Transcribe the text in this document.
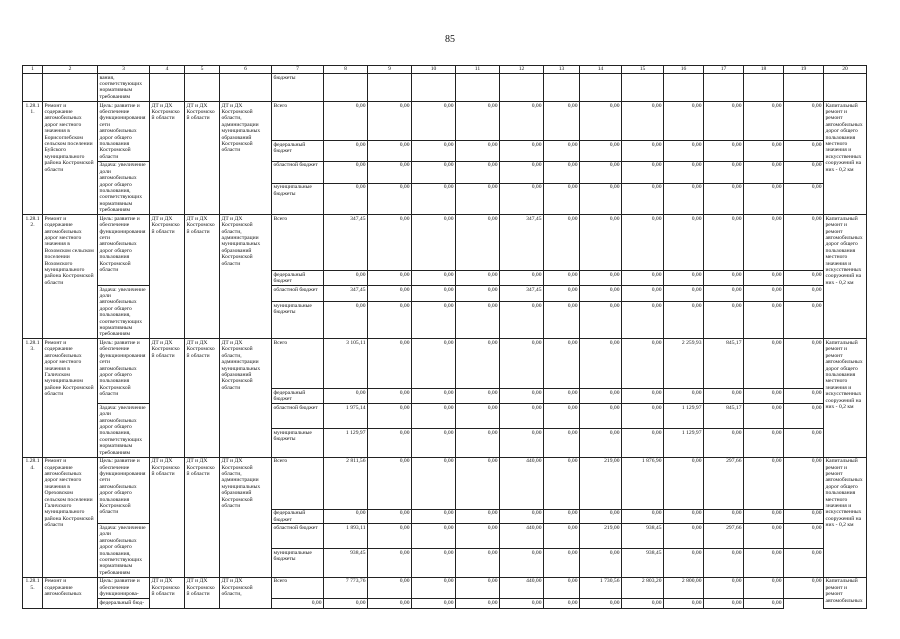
85
1	2	3	4	5	6	7	8	9	10	11	12	13	14	15	16	17	18	19	20
		вания, соответствующих нормативным требованиям				бюджеты													
1.28.11.	Ремонт и содержание автомобильных дорог местного значения в Борисоглебском сельском поселении Буйского муниципального района Костромской области	Цель: развитие и обеспечение функционирования сети автомобильных дорог общего пользования Костромской области	ДТ и ДХ Костромской области	ДТ и ДХ Костромской области	ДТ и ДХ Костромской области, администрации муниципальных образований Костромской области	Всего	0,00	0,00	0,00	0,00	0,00	0,00	0,00	0,00	0,00	0,00	0,00	0,00	Капитальный ремонт и ремонт автомобильных дорог общего пользования местного значения и искусственных сооружений на них - 0,2 км
						федеральный бюджет	0,00	0,00	0,00	0,00	0,00	0,00	0,00	0,00	0,00	0,00	0,00	0,00	
		Задача: увеличение доли автомобильных дорог общего пользования, соответствующих нормативным требованиям				областной бюджет	0,00	0,00	0,00	0,00	0,00	0,00	0,00	0,00	0,00	0,00	0,00	0,00	
						муниципальные бюджеты	0,00	0,00	0,00	0,00	0,00	0,00	0,00	0,00	0,00	0,00	0,00	0,00	
1.28.12.	Ремонт и содержание автомобильных дорог местного значения в Вохомском сельском поселении Вохомского муниципального района Костромской области	Цель: развитие и обеспечение функционирования сети автомобильных дорог общего пользования Костромской области	ДТ и ДХ Костромской области	ДТ и ДХ Костромской области	ДТ и ДХ Костромской области, администрации муниципальных образований Костромской области	Всего	347,45	0,00	0,00	0,00	347,45	0,00	0,00	0,00	0,00	0,00	0,00	0,00	Капитальный ремонт и ремонт автомобильных дорог общего пользования местного значения и искусственных сооружений на них - 0,2 км
						федеральный бюджет	0,00	0,00	0,00	0,00	0,00	0,00	0,00	0,00	0,00	0,00	0,00	0,00	
		Задача: увеличение доли автомобильных дорог общего пользования, соответствующих нормативным требованиям				областной бюджет	347,45	0,00	0,00	0,00	347,45	0,00	0,00	0,00	0,00	0,00	0,00	0,00	
						муниципальные бюджеты	0,00	0,00	0,00	0,00	0,00	0,00	0,00	0,00	0,00	0,00	0,00	0,00	
1.28.13.	Ремонт и содержание автомобильных дорог местного значения в Галичском муниципальном районе Костромской области	Цель: развитие и обеспечение функционирования сети автомобильных дорог общего пользования Костромской области	ДТ и ДХ Костромской области	ДТ и ДХ Костромской области	ДТ и ДХ Костромской области, администрации муниципальных образований Костромской области	Всего	3 105,11	0,00	0,00	0,00	0,00	0,00	0,00	0,00	2 259,93	845,17	0,00	0,00	Капитальный ремонт и ремонт автомобильных дорог общего пользования местного значения и искусственных сооружений на них - 0,2 км
						федеральный бюджет	0,00	0,00	0,00	0,00	0,00	0,00	0,00	0,00	0,00	0,00	0,00	0,00	
		Задача: увеличение доли автомобильных дорог общего пользования, соответствующих нормативным требованиям				областной бюджет	1 975,14	0,00	0,00	0,00	0,00	0,00	0,00	0,00	1 129,97	845,17	0,00	0,00	
						муниципальные бюджеты	1 129,97	0,00	0,00	0,00	0,00	0,00	0,00	0,00	1 129,97	0,00	0,00	0,00	
1.28.14.	Ремонт и содержание автомобильных дорог местного значения в Ореховском сельском поселении Галичского муниципального района Костромской области	Цель: развитие и обеспечение функционирования сети автомобильных дорог общего пользования Костромской области	ДТ и ДХ Костромской области	ДТ и ДХ Костромской области	ДТ и ДХ Костромской области, администрации муниципальных образований Костромской области	Всего	2 811,56	0,00	0,00	0,00	440,00	0,00	219,00	1 876,90	0,00	297,66	0,00	0,00	Капитальный ремонт и ремонт автомобильных дорог общего пользования местного значения и искусственных сооружений на них - 0,2 км
						федеральный бюджет	0,00	0,00	0,00	0,00	0,00	0,00	0,00	0,00	0,00	0,00	0,00	0,00	
		Задача: увеличение доли автомобильных дорог общего пользования, соответствующих нормативным требованиям				областной бюджет	1 893,11	0,00	0,00	0,00	440,00	0,00	219,00	938,45	0,00	297,66	0,00	0,00	
						муниципальные бюджеты	938,45	0,00	0,00	0,00	0,00	0,00	0,00	938,45	0,00	0,00	0,00	0,00	
1.28.15.	Ремонт и содержание автомобильных	Цель: развитие и обеспечение функционирова-	ДТ и ДХ Костромской области	ДТ и ДХ Костромской области	ДТ и ДХ Костромской области,	Всего	7 773,76	0,00	0,00	0,00	440,00	0,00	1 730,56	2 803,20	2 800,00	0,00	0,00	0,00	Капитальный ремонт и ремонт автомобильных
		федеральный бюд-				0,00	0,00	0,00	0,00	0,00	0,00	0,00	0,00	0,00	0,00	0,00	0,00		
